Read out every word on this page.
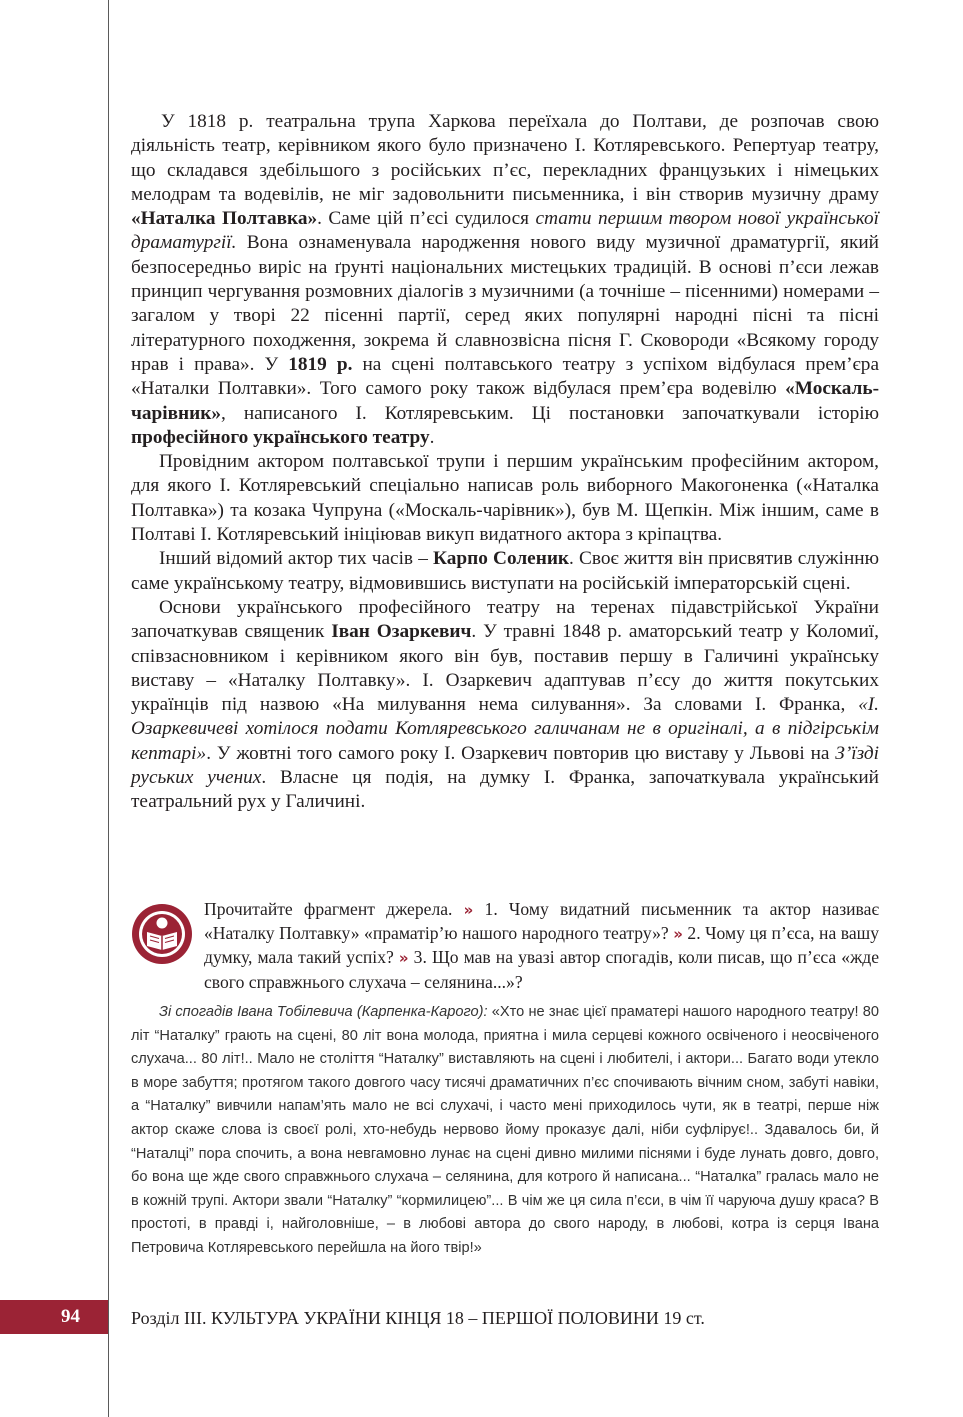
У 1818 р. театральна трупа Харкова переїхала до Полтави, де розпочав свою діяльність театр, керівником якого було призначено І. Котляревського. Репертуар театру, що складався здебільшого з російських п’єс, перекладних французьких і німецьких мелодрам та водевілів, не міг задовольнити письменника, і він створив музичну драму «Наталка Полтавка». Саме цій п’єсі судилося стати першим твором нової української драматургії. Вона ознаменувала народження нового виду музичної драматургії, який безпосередньо виріс на ґрунті національних мистецьких традицій. В основі п’єси лежав принцип чергування розмовних діалогів з музичними (а точніше – пісенними) номерами – загалом у творі 22 пісенні партії, серед яких популярні народні пісні та пісні літературного походження, зокрема й славнозвісна пісня Г. Сковороди «Всякому городу нрав і права». У 1819 р. на сцені полтавського театру з успіхом відбулася прем’єра «Наталки Полтавки». Того самого року також відбулася прем’єра водевілю «Москаль-чарівник», написаного І. Котляревським. Ці постановки започаткували історію професійного українського театру.

Провідним актором полтавської трупи і першим українським професійним актором, для якого І. Котляревський спеціально написав роль виборного Макогоненка («Наталка Полтавка») та козака Чупруна («Москаль-чарівник»), був М. Щепкін. Між іншим, саме в Полтаві І. Котляревський ініціював викуп видатного актора з кріпацтва.

Інший відомий актор тих часів – Карпо Соленик. Своє життя він присвятив служінню саме українському театру, відмовившись виступати на російській імператорській сцені.

Основи українського професійного театру на теренах підавстрійської України започаткував священик Іван Озаркевич. У травні 1848 р. аматорський театр у Коломиї, співзасновником і керівником якого він був, поставив першу в Галичині українську виставу – «Наталку Полтавку». І. Озаркевич адаптував п’єсу до життя покутських українців під назвою «На милування нема силування». За словами І. Франка, «І. Озаркевичеві хотілося подати Котляревського галичанам не в оригіналі, а в підгірськім кептарі». У жовтні того самого року І. Озаркевич повторив цю виставу у Львові на З’їзді руських учених. Власне ця подія, на думку І. Франка, започаткувала український театральний рух у Галичині.

Прочитайте фрагмент джерела. » 1. Чому видатний письменник та актор називає «Наталку Полтавку» «праматір’ю нашого народного театру»? » 2. Чому ця п’єса, на вашу думку, мала такий успіх? » 3. Що мав на увазі автор спогадів, коли писав, що п’єса «жде свого справжнього слухача – селянина...»?

Зі спогадів Івана Тобілевича (Карпенка-Карого): «Хто не знає цієї праматері нашого народного театру! 80 літ “Наталку” грають на сцені, 80 літ вона молода, приятна і мила серцеві кожного освіченого і неосвіченого слухача... 80 літ!.. Мало не століття “Наталку” виставляють на сцені і любителі, і актори... Багато води утекло в море забуття; протягом такого довгого часу тисячі драматичних п’єс спочивають вічним сном, забуті навіки, а “Наталку” вивчили напам’ять мало не всі слухачі, і часто мені приходилось чути, як в театрі, перше ніж актор скаже слова із своєї ролі, хто-небудь нервово йому проказує далі, ніби суфлірує!.. Здавалось би, й “Наталці” пора спочить, а вона невгамовно лунає на сцені дивно милими піснями і буде лунать довго, довго, бо вона ще жде свого справжнього слухача – селянина, для котрого й написана... “Наталка” гралась мало не в кожній трупі. Актори звали “Наталку” “кормилицею”... В чім же ця сила п’єси, в чім її чаруюча душу краса? В простоті, в правді і, найголовніше, – в любові автора до свого народу, в любові, котра із серця Івана Петровича Котляревського перейшла на його твір!»

94	Розділ ІІІ. КУЛЬТУРА УКРАЇНИ КІНЦЯ 18 – ПЕРШОЇ ПОЛОВИНИ 19 ст.
